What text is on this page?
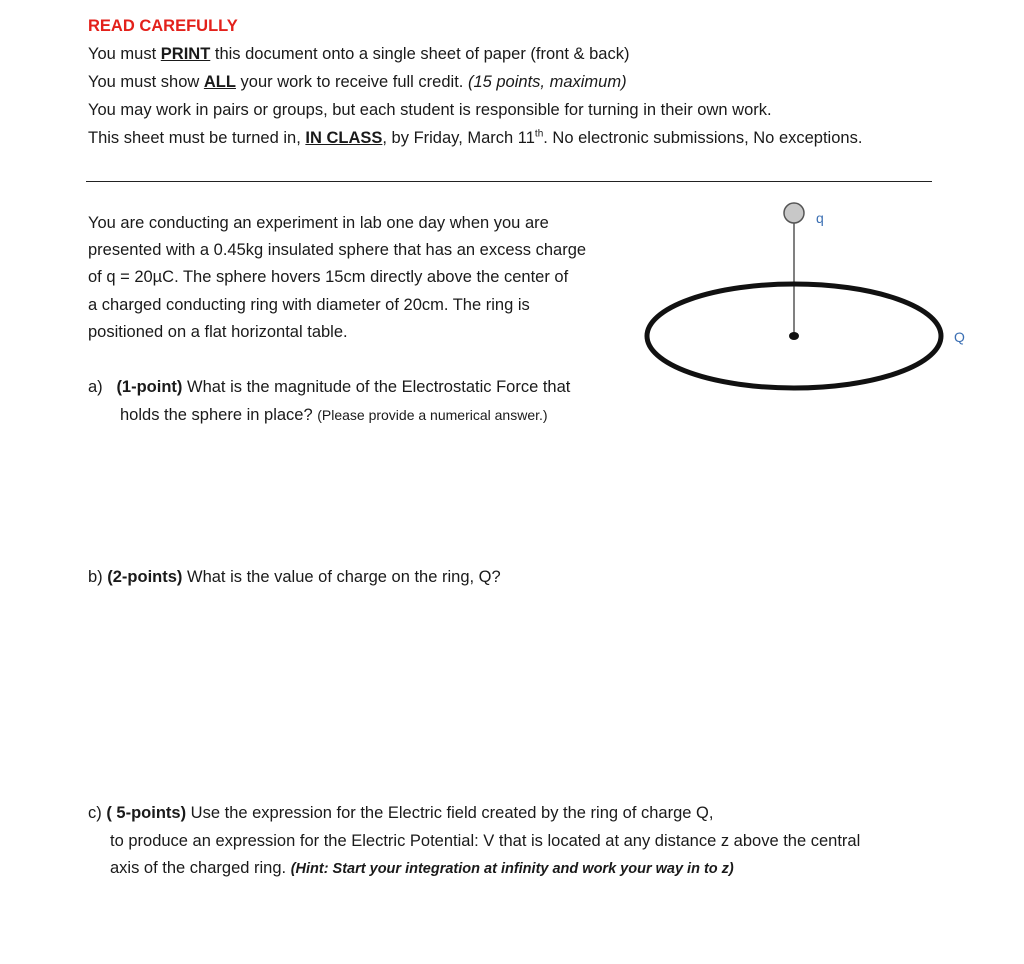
READ CAREFULLY
You must PRINT this document onto a single sheet of paper (front & back)
You must show ALL your work to receive full credit. (15 points, maximum)
You may work in pairs or groups, but each student is responsible for turning in their own work.
This sheet must be turned in, IN CLASS, by Friday, March 11th. No electronic submissions, No exceptions.
You are conducting an experiment in lab one day when you are
presented with a 0.45kg insulated sphere that has an excess charge
of q = 20µC. The sphere hovers 15cm directly above the center of
a charged conducting ring with diameter of 20cm. The ring is
positioned on a flat horizontal table.
q
Q
a) (1-point) What is the magnitude of the Electrostatic Force that
holds the sphere in place? (Please provide a numerical answer.)
b) (2-points) What is the value of charge on the ring, Q?
c) ( 5-points) Use the expression for the Electric field created by the ring of charge Q,
to produce an expression for the Electric Potential: V that is located at any distance z above the central
axis of the charged ring. (Hint: Start your integration at infinity and work your way in to z)
